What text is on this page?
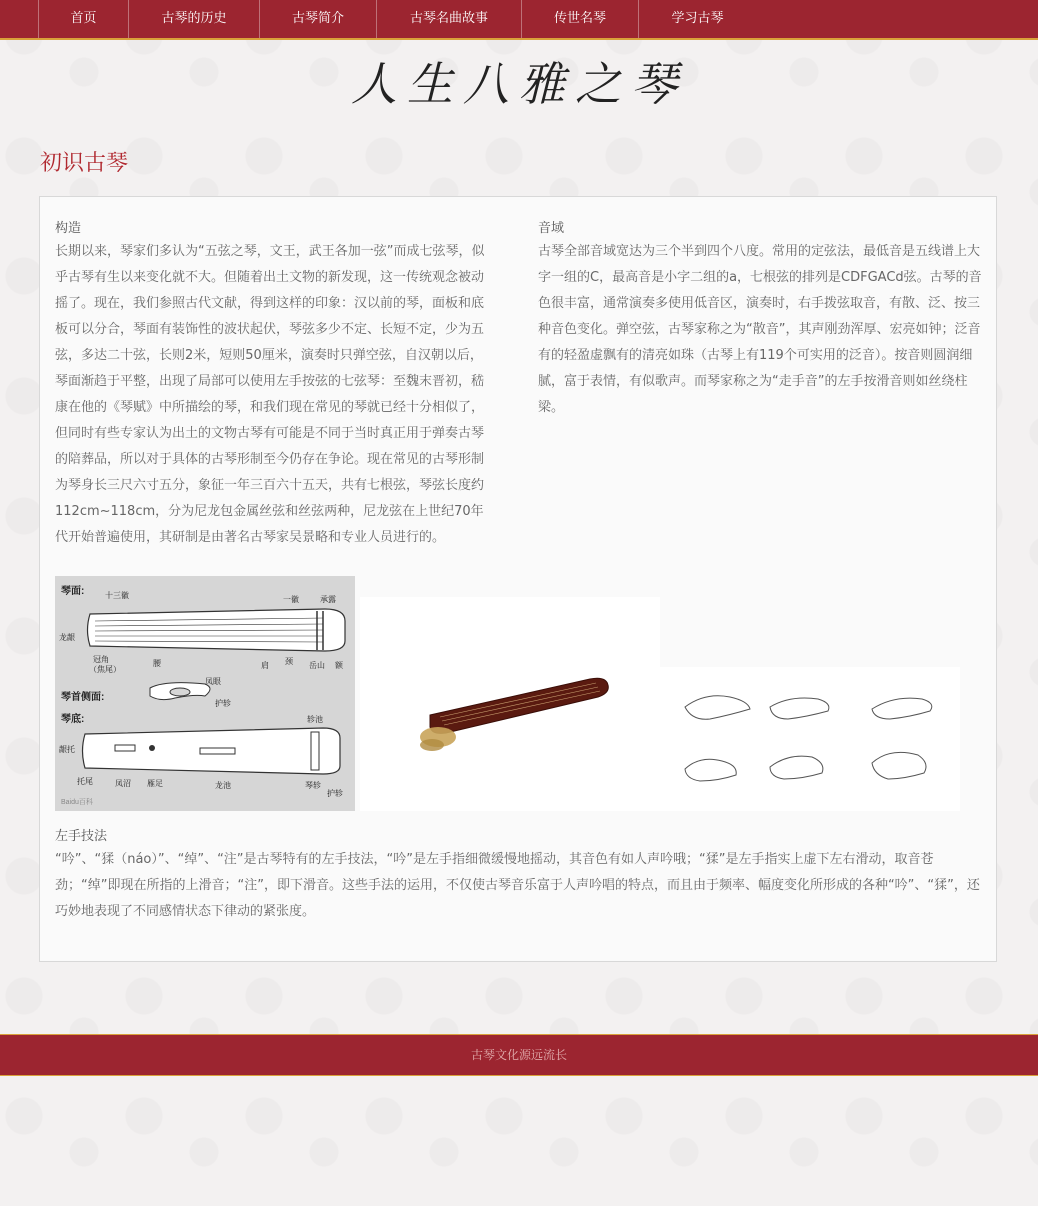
首页	古琴的历史	古琴简介	古琴名曲故事	传世名琴	学习古琴
人生八雅之琴
初识古琴
构造

长期以来，琴家们多认为“五弦之琴，文王，武王各加一弦”而成七弦琴，似乎古琴有生以来变化就不大。但随着出土文物的新发现，这一传统观念被动摇了。现在，我们参照古代文献，得到这样的印象：汉以前的琴，面板和底板可以分合，琴面有装饰性的波状起伏，琴弦多少不定、长短不定，少为五弦，多达二十弦，长则2米，短则50厘米，演奏时只弹空弦，自汉朝以后，琴面渐趋于平整，出现了局部可以使用左手按弦的七弦琴：至魏末晋初，嵇康在他的《琴赋》中所描绘的琴，和我们现在常见的琴就已经十分相似了，但同时有些专家认为出土的文物古琴有可能是不同于当时真正用于弹奏古琴的陪葬品，所以对于具体的古琴形制至今仍存在争论。现在常见的古琴形制为琴身长三尺六寸五分，象征一年三百六十五天，共有七根弦，琴弦长度约112cm~118cm，分为尼龙包金属丝弦和丝弦两种，尼龙弦在上世纪70年代开始普遍使用，其研制是由著名古琴家吴景略和专业人员进行的。

音域

古琴全部音域宽达为三个半到四个八度。常用的定弦法，最低音是五线谱上大字一组的C，最高音是小字二组的a，七根弦的排列是CDFGACd弦。古琴的音色很丰富，通常演奏多使用低音区，演奏时，右手拨弦取音，有散、泛、按三种音色变化。弹空弦，古琴家称之为“散音”，其声刚劲浑厚、宏亮如钟；泛音有的轻盈虚飘有的清亮如珠（古琴上有119个可实用的泛音）。按音则圆润细腻，富于表情，有似歌声。而琴家称之为“走手音”的左手按滑音则如丝绕柱梁。

琴面:	十三徽	一徽	承露
龙龈
冠角
（焦尾）
腰	肩 颈 岳山 额
琴首侧面:
凤眼
护轸
琴底:	轸池
龈托
托尾	凤沼 雁足	龙池	琴轸
护轸
Baidu百科
左手技法

“吟”、“猱（náo）”、“绰”、“注”是古琴特有的左手技法，“吟”是左手指细微缓慢地摇动，其音色有如人声吟哦；“猱”是左手指实上虚下左右滑动，取音苍劲；“绰”即现在所指的上滑音；“注”，即下滑音。这些手法的运用，不仅使古琴音乐富于人声吟唱的特点，而且由于频率、幅度变化所形成的各种“吟”、“猱”，还巧妙地表现了不同感情状态下律动的紧张度。

古琴文化源远流长
